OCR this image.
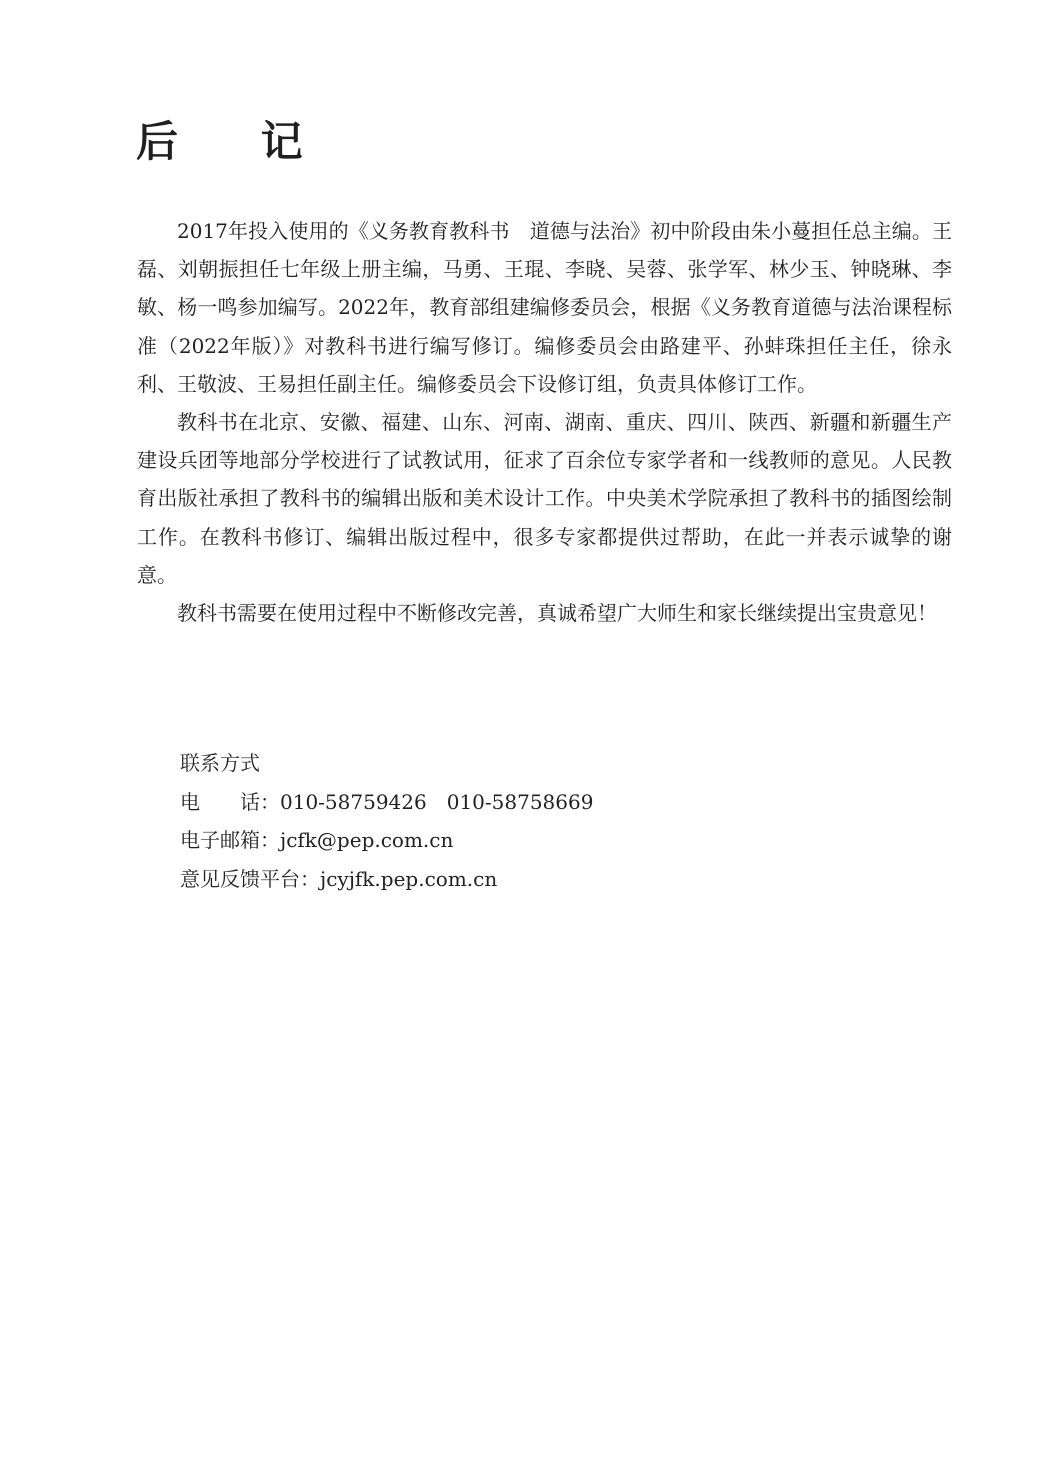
后 记

2017年投入使用的《义务教育教科书　道德与法治》初中阶段由朱小蔓担任总主编。王磊、刘朝振担任七年级上册主编，马勇、王琨、李晓、吴蓉、张学军、林少玉、钟晓琳、李敏、杨一鸣参加编写。2022年，教育部组建编修委员会，根据《义务教育道德与法治课程标准（2022年版）》对教科书进行编写修订。编修委员会由路建平、孙蚌珠担任主任，徐永利、王敬波、王易担任副主任。编修委员会下设修订组，负责具体修订工作。

教科书在北京、安徽、福建、山东、河南、湖南、重庆、四川、陕西、新疆和新疆生产建设兵团等地部分学校进行了试教试用，征求了百余位专家学者和一线教师的意见。人民教育出版社承担了教科书的编辑出版和美术设计工作。中央美术学院承担了教科书的插图绘制工作。在教科书修订、编辑出版过程中，很多专家都提供过帮助，在此一并表示诚挚的谢意。

教科书需要在使用过程中不断修改完善，真诚希望广大师生和家长继续提出宝贵意见！

联系方式
电　　话：010-58759426　010-58758669
电子邮箱：jcfk@pep.com.cn
意见反馈平台：jcyjfk.pep.com.cn
